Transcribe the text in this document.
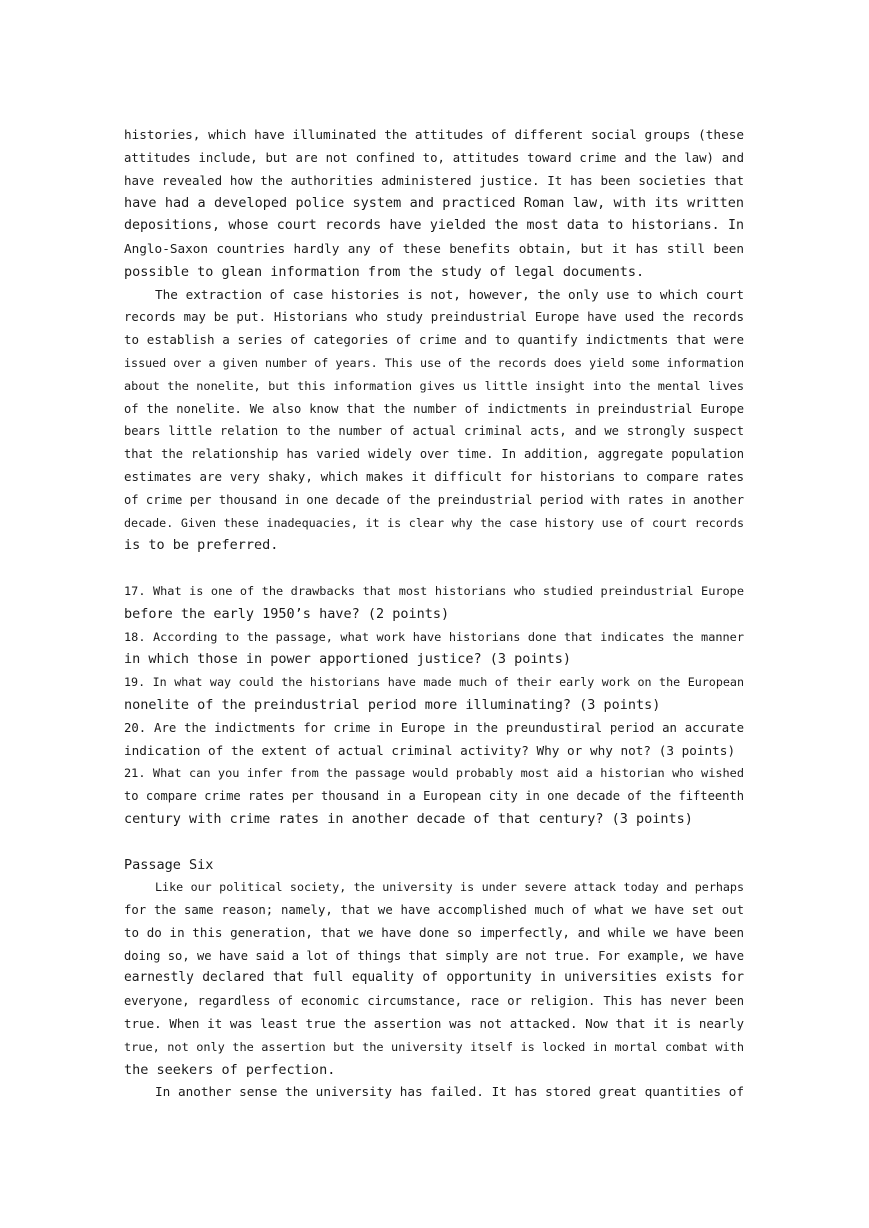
histories, which have illuminated the attitudes of different social groups (these
attitudes include, but are not confined to, attitudes toward crime and the law) and
have revealed how the authorities administered justice. It has been societies that
have had a developed police system and practiced Roman law, with its written
depositions, whose court records have yielded the most data to historians. In
Anglo-Saxon countries hardly any of these benefits obtain, but it has still been
possible to glean information from the study of legal documents.
The extraction of case histories is not, however, the only use to which court
records may be put. Historians who study preindustrial Europe have used the records
to establish a series of categories of crime and to quantify indictments that were
issued over a given number of years. This use of the records does yield some information
about the nonelite, but this information gives us little insight into the mental lives
of the nonelite. We also know that the number of indictments in preindustrial Europe
bears little relation to the number of actual criminal acts, and we strongly suspect
that the relationship has varied widely over time. In addition, aggregate population
estimates are very shaky, which makes it difficult for historians to compare rates
of crime per thousand in one decade of the preindustrial period with rates in another
decade. Given these inadequacies, it is clear why the case history use of court records
is to be preferred.
17. What is one of the drawbacks that most historians who studied preindustrial Europe
before the early 1950’s have? (2 points)
18. According to the passage, what work have historians done that indicates the manner
in which those in power apportioned justice? (3 points)
19. In what way could the historians have made much of their early work on the European
nonelite of the preindustrial period more illuminating? (3 points)
20. Are the indictments for crime in Europe in the preundustiral period an accurate
indication of the extent of actual criminal activity? Why or why not? (3 points)
21. What can you infer from the passage would probably most aid a historian who wished
to compare crime rates per thousand in a European city in one decade of the fifteenth
century with crime rates in another decade of that century? (3 points)
Passage Six
Like our political society, the university is under severe attack today and perhaps
for the same reason; namely, that we have accomplished much of what we have set out
to do in this generation, that we have done so imperfectly, and while we have been
doing so, we have said a lot of things that simply are not true. For example, we have
earnestly declared that full equality of opportunity in universities exists for
everyone, regardless of economic circumstance, race or religion. This has never been
true. When it was least true the assertion was not attacked. Now that it is nearly
true, not only the assertion but the university itself is locked in mortal combat with
the seekers of perfection.
In another sense the university has failed. It has stored great quantities of
